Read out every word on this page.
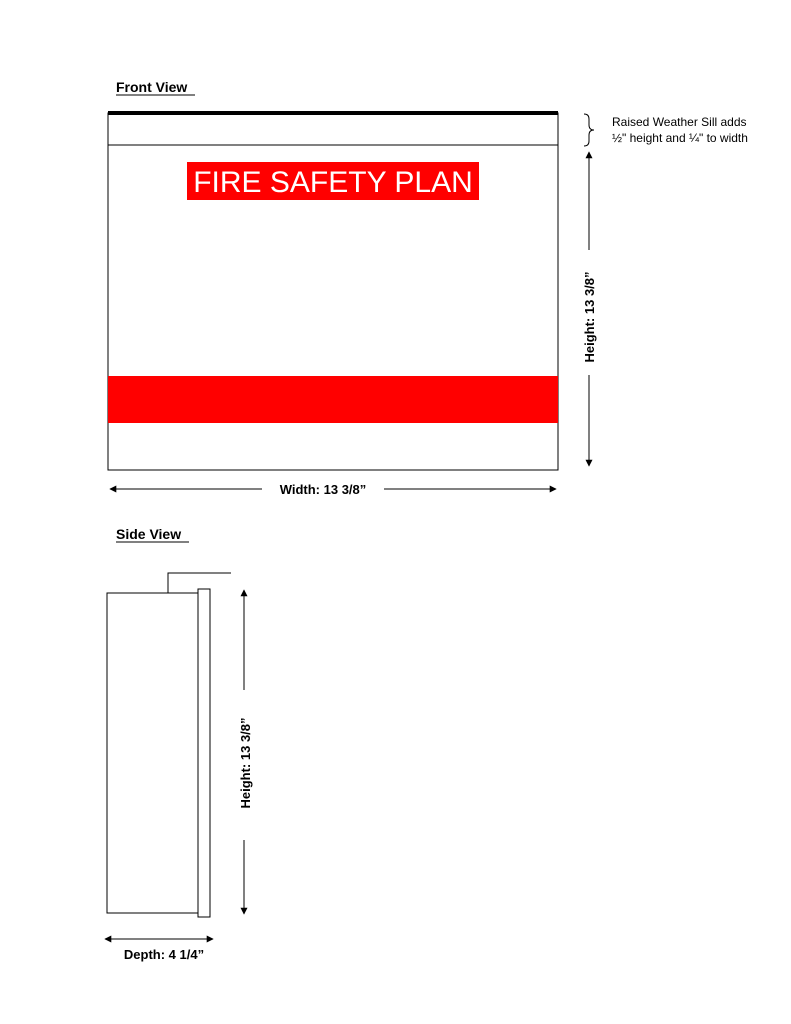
Front View
FIRE SAFETY PLAN
Raised Weather Sill adds
½" height and ¼" to width
Height: 13 3/8”
Width: 13 3/8”
Side View
Height: 13 3/8”
Depth: 4 1/4”
